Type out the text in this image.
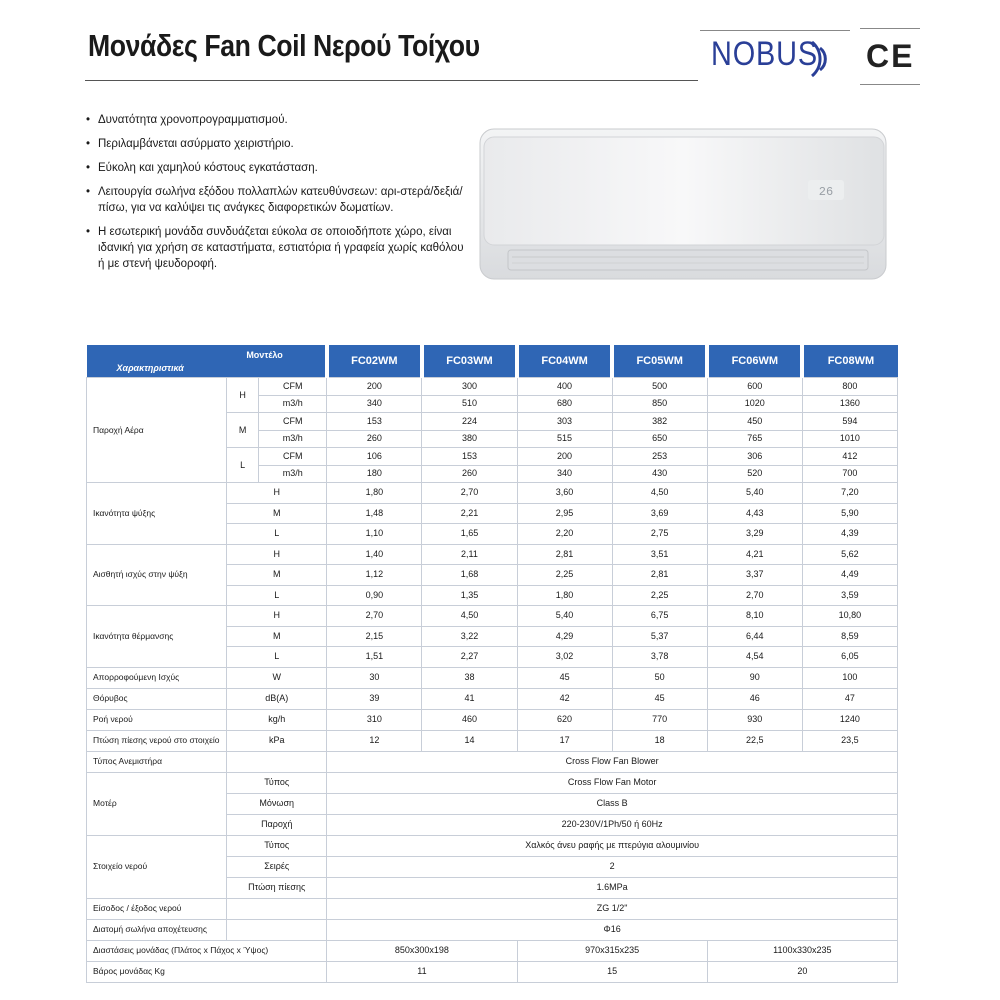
Μονάδες Fan Coil Νερού Τοίχου	NOBUS CE
• Δυνατότητα χρονοπρογραμματισμού.
• Περιλαμβάνεται ασύρματο χειριστήριο.
• Εύκολη και χαμηλού κόστους εγκατάσταση.
• Λειτουργία σωλήνα εξόδου πολλαπλών κατευθύνσεων: αρι-στερά/δεξιά/πίσω, για να καλύψει τις ανάγκες διαφορετικών δωματίων.
• Η εσωτερική μονάδα συνδυάζεται εύκολα σε οποιοδήποτε χώρο, είναι ιδανική για χρήση σε καταστήματα, εστιατόρια ή γραφεία χωρίς καθόλου ή με στενή ψευδοροφή.
26
Μοντέλο
Χαρακτηριστικά			FC02WM	FC03WM	FC04WM	FC05WM	FC06WM	FC08WM
Παροχή Αέρα	H	CFM	200	300	400	500	600	800
		m3/h	340	510	680	850	1020	1360
	M	CFM	153	224	303	382	450	594
		m3/h	260	380	515	650	765	1010
	L	CFM	106	153	200	253	306	412
		m3/h	180	260	340	430	520	700
Ικανότητα ψύξης	H		1,80	2,70	3,60	4,50	5,40	7,20
	M		1,48	2,21	2,95	3,69	4,43	5,90
	L		1,10	1,65	2,20	2,75	3,29	4,39
Αισθητή ισχύς στην ψύξη	H		1,40	2,11	2,81	3,51	4,21	5,62
	M		1,12	1,68	2,25	2,81	3,37	4,49
	L		0,90	1,35	1,80	2,25	2,70	3,59
Ικανότητα θέρμανσης	H		2,70	4,50	5,40	6,75	8,10	10,80
	M		2,15	3,22	4,29	5,37	6,44	8,59
	L		1,51	2,27	3,02	3,78	4,54	6,05
Απορροφούμενη Ισχύς	W		30	38	45	50	90	100
Θόρυβος	dB(A)		39	41	42	45	46	47
Ροή νερού	kg/h		310	460	620	770	930	1240
Πτώση πίεσης νερού στο στοιχείο	kPa		12	14	17	18	22,5	23,5
Τύπος Ανεμιστήρα			Cross Flow Fan Blower					
Μοτέρ	Τύπος		Cross Flow Fan Motor					
	Μόνωση		Class B					
	Παροχή		220-230V/1Ph/50 ή 60Hz					
Στοιχείο νερού	Τύπος		Χαλκός άνευ ραφής με πτερύγια αλουμινίου					
	Σειρές		2					
	Πτώση πίεσης		1.6MPa					
Είσοδος / έξοδος νερού			ZG 1/2"					
Διατομή σωλήνα αποχέτευσης			Φ16					
Διαστάσεις μονάδας (Πλάτος x Πάχος x Ύψος)			850x300x198		970x315x235		1100x330x235	
Βάρος μονάδας Kg			11		15		20	
